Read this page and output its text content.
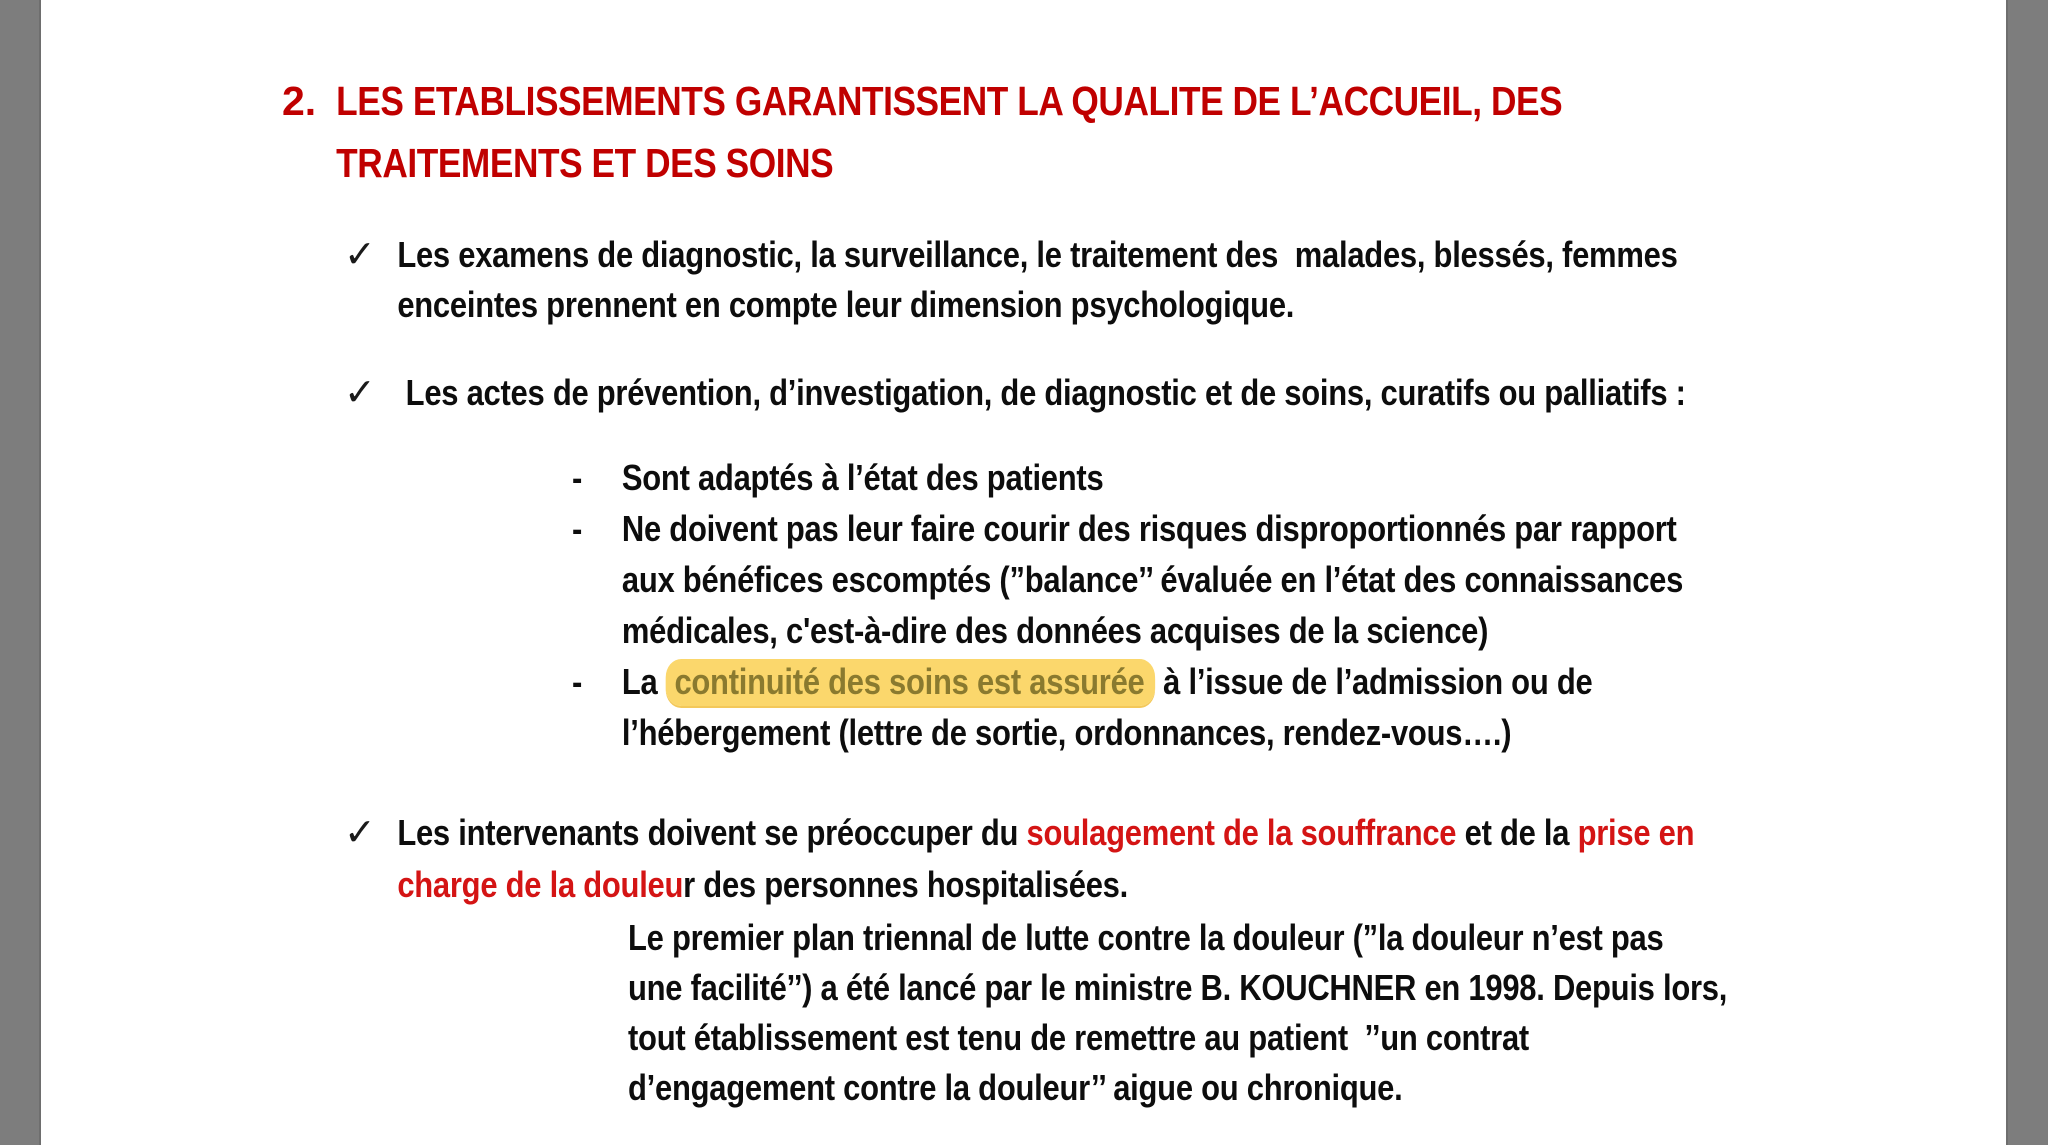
2. LES ETABLISSEMENTS GARANTISSENT LA QUALITE DE L’ACCUEIL, DES
TRAITEMENTS ET DES SOINS
✓ Les examens de diagnostic, la surveillance, le traitement des  malades, blessés, femmes
enceintes prennent en compte leur dimension psychologique.
✓ Les actes de prévention, d’investigation, de diagnostic et de soins, curatifs ou palliatifs :
- Sont adaptés à l’état des patients
- Ne doivent pas leur faire courir des risques disproportionnés par rapport
aux bénéfices escomptés (”balance’’ évaluée en l’état des connaissances
médicales, c'est-à-dire des données acquises de la science)
- La continuité des soins est assurée à l’issue de l’admission ou de
l’hébergement (lettre de sortie, ordonnances, rendez-vous….)
✓ Les intervenants doivent se préoccuper du soulagement de la souffrance et de la prise en
charge de la douleur des personnes hospitalisées.
Le premier plan triennal de lutte contre la douleur (”la douleur n’est pas
une facilité’’) a été lancé par le ministre B. KOUCHNER en 1998. Depuis lors,
tout établissement est tenu de remettre au patient  ’’un contrat
d’engagement contre la douleur’’ aigue ou chronique.
